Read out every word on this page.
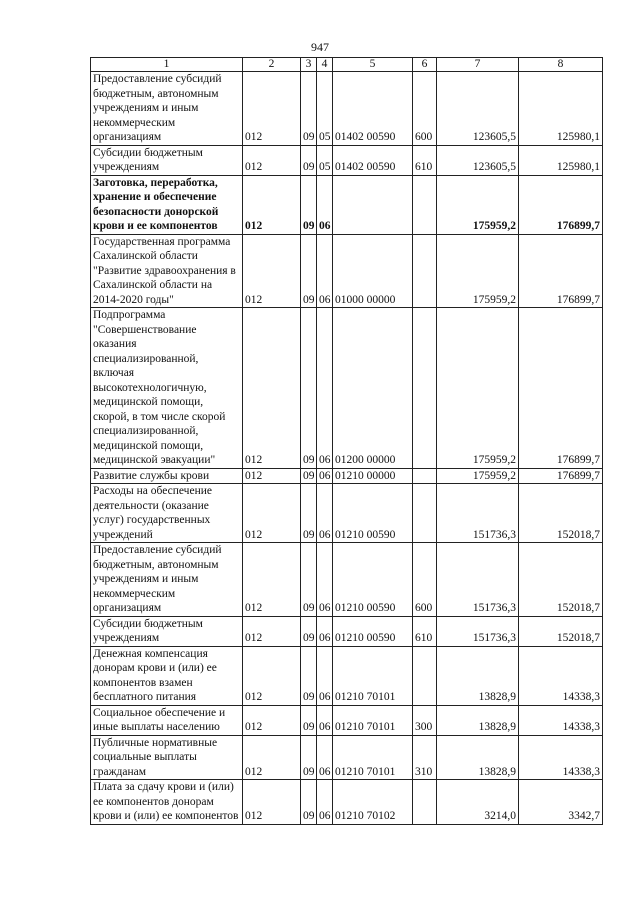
947
1	2	3	4	5	6	7	8
Предоставление субсидий бюджетным, автономным учреждениям и иным некоммерческим организациям	012	09	05	01402 00590	600	123605,5	125980,1
Субсидии бюджетным учреждениям	012	09	05	01402 00590	610	123605,5	125980,1
Заготовка, переработка, хранение и обеспечение безопасности донорской крови и ее компонентов	012	09	06			175959,2	176899,7
Государственная программа Сахалинской области "Развитие здравоохранения в Сахалинской области на 2014-2020 годы"	012	09	06	01000 00000		175959,2	176899,7
Подпрограмма "Совершенствование оказания специализированной, включая высокотехнологичную, медицинской помощи, скорой, в том числе скорой специализированной, медицинской помощи, медицинской эвакуации"	012	09	06	01200 00000		175959,2	176899,7
Развитие службы крови	012	09	06	01210 00000		175959,2	176899,7
Расходы на обеспечение деятельности (оказание услуг) государственных учреждений	012	09	06	01210 00590		151736,3	152018,7
Предоставление субсидий бюджетным, автономным учреждениям и иным некоммерческим организациям	012	09	06	01210 00590	600	151736,3	152018,7
Субсидии бюджетным учреждениям	012	09	06	01210 00590	610	151736,3	152018,7
Денежная компенсация донорам крови и (или) ее компонентов взамен бесплатного питания	012	09	06	01210 70101		13828,9	14338,3
Социальное обеспечение и иные выплаты населению	012	09	06	01210 70101	300	13828,9	14338,3
Публичные нормативные социальные выплаты гражданам	012	09	06	01210 70101	310	13828,9	14338,3
Плата за сдачу крови и (или) ее компонентов донорам крови и (или) ее компонентов	012	09	06	01210 70102		3214,0	3342,7
